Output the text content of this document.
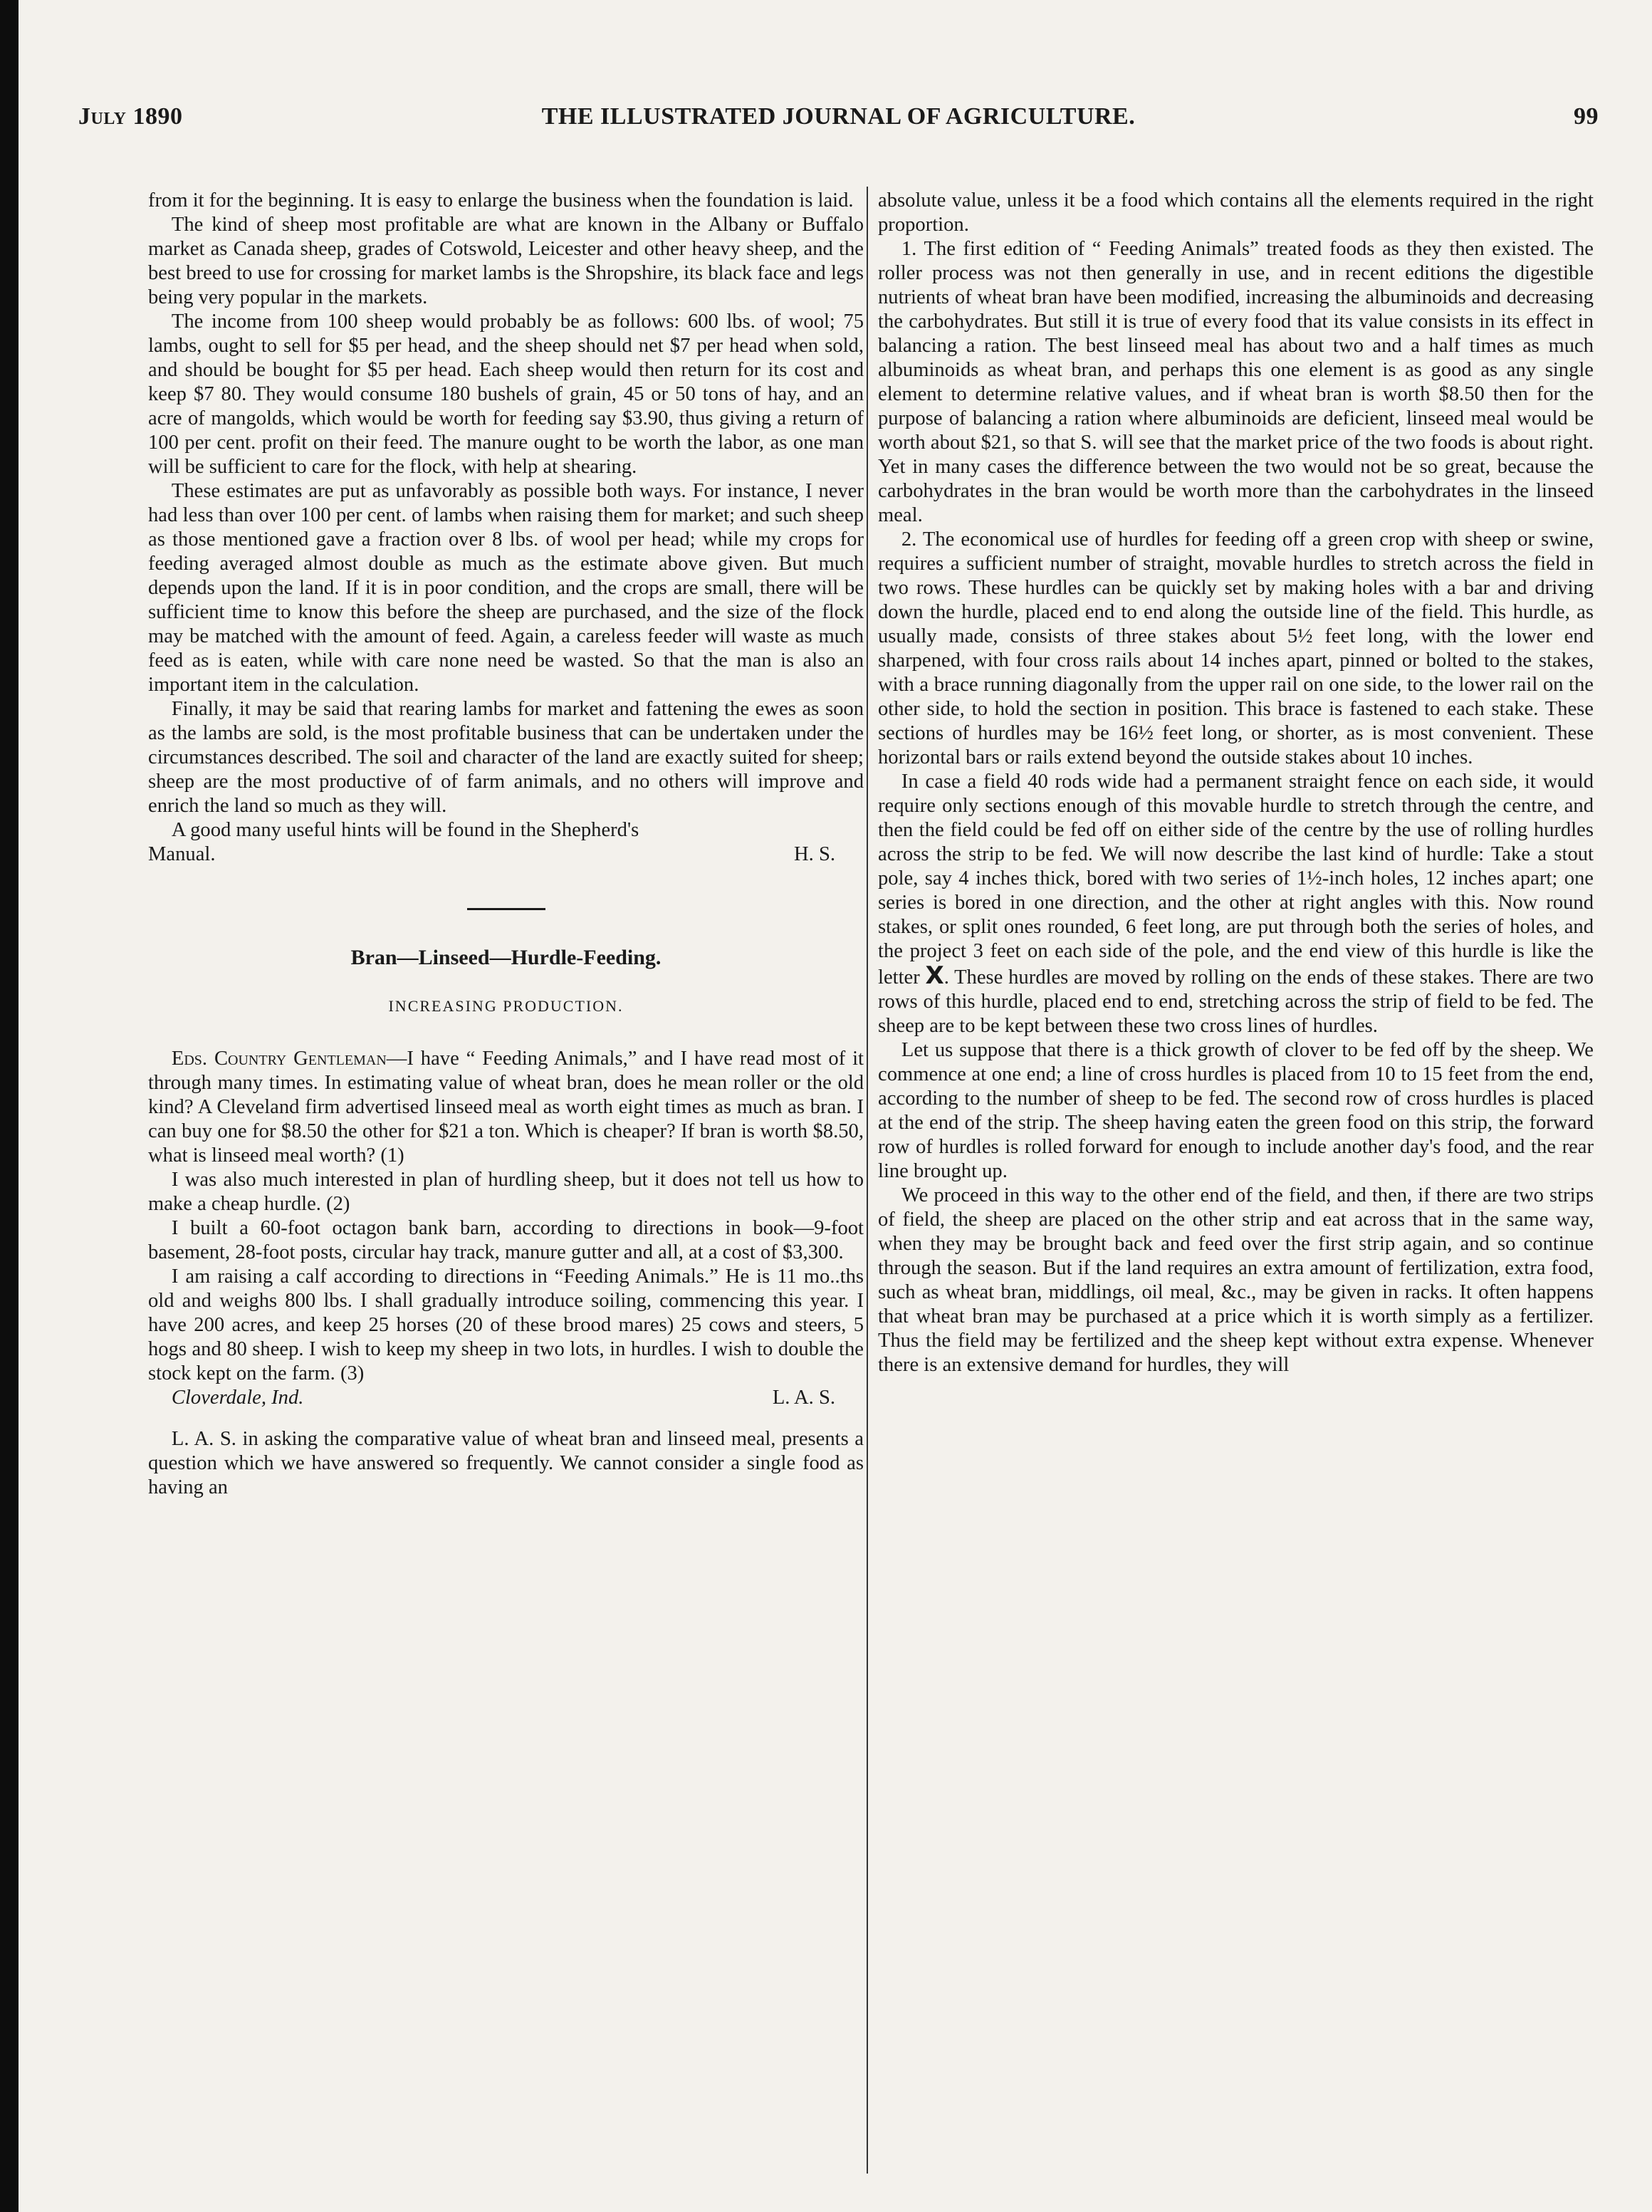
July 1890	THE ILLUSTRATED JOURNAL OF AGRICULTURE.	99

from it for the beginning. It is easy to enlarge the business when the foundation is laid.

The kind of sheep most profitable are what are known in the Albany or Buffalo market as Canada sheep, grades of Cotswold, Leicester and other heavy sheep, and the best breed to use for crossing for market lambs is the Shropshire, its black face and legs being very popular in the markets.

The income from 100 sheep would probably be as follows: 600 lbs. of wool; 75 lambs, ought to sell for $5 per head, and the sheep should net $7 per head when sold, and should be bought for $5 per head. Each sheep would then return for its cost and keep $7 80. They would consume 180 bushels of grain, 45 or 50 tons of hay, and an acre of mangolds, which would be worth for feeding say $3.90, thus giving a return of 100 per cent. profit on their feed. The manure ought to be worth the labor, as one man will be sufficient to care for the flock, with help at shearing.

These estimates are put as unfavorably as possible both ways. For instance, I never had less than over 100 per cent. of lambs when raising them for market; and such sheep as those mentioned gave a fraction over 8 lbs. of wool per head; while my crops for feeding averaged almost double as much as the estimate above given. But much depends upon the land. If it is in poor condition, and the crops are small, there will be sufficient time to know this before the sheep are purchased, and the size of the flock may be matched with the amount of feed. Again, a careless feeder will waste as much feed as is eaten, while with care none need be wasted. So that the man is also an important item in the calculation.

Finally, it may be said that rearing lambs for market and fattening the ewes as soon as the lambs are sold, is the most profitable business that can be undertaken under the circumstances described. The soil and character of the land are exactly suited for sheep; sheep are the most productive of of farm animals, and no others will improve and enrich the land so much as they will.

A good many useful hints will be found in the Shepherd's

Manual.	H. S.
Bran—Linseed—Hurdle-Feeding.
INCREASING PRODUCTION.

Eds. Country Gentleman—I have “ Feeding Animals,” and I have read most of it through many times. In estimating value of wheat bran, does he mean roller or the old kind? A Cleveland firm advertised linseed meal as worth eight times as much as bran. I can buy one for $8.50 the other for $21 a ton. Which is cheaper? If bran is worth $8.50, what is linseed meal worth? (1)

I was also much interested in plan of hurdling sheep, but it does not tell us how to make a cheap hurdle. (2)

I built a 60-foot octagon bank barn, according to directions in book—9-foot basement, 28-foot posts, circular hay track, manure gutter and all, at a cost of $3,300.

I am raising a calf according to directions in “Feeding Animals.” He is 11 mo..ths old and weighs 800 lbs. I shall gradually introduce soiling, commencing this year. I have 200 acres, and keep 25 horses (20 of these brood mares) 25 cows and steers, 5 hogs and 80 sheep. I wish to keep my sheep in two lots, in hurdles. I wish to double the stock kept on the farm. (3)

Cloverdale, Ind.	L. A. S.

L. A. S. in asking the comparative value of wheat bran and linseed meal, presents a question which we have answered so frequently. We cannot consider a single food as having an

absolute value, unless it be a food which contains all the elements required in the right proportion.

1. The first edition of “ Feeding Animals” treated foods as they then existed. The roller process was not then generally in use, and in recent editions the digestible nutrients of wheat bran have been modified, increasing the albuminoids and decreasing the carbohydrates. But still it is true of every food that its value consists in its effect in balancing a ration. The best linseed meal has about two and a half times as much albuminoids as wheat bran, and perhaps this one element is as good as any single element to determine relative values, and if wheat bran is worth $8.50 then for the purpose of balancing a ration where albuminoids are deficient, linseed meal would be worth about $21, so that S. will see that the market price of the two foods is about right. Yet in many cases the difference between the two would not be so great, because the carbohydrates in the bran would be worth more than the carbohydrates in the linseed meal.

2. The economical use of hurdles for feeding off a green crop with sheep or swine, requires a sufficient number of straight, movable hurdles to stretch across the field in two rows. These hurdles can be quickly set by making holes with a bar and driving down the hurdle, placed end to end along the outside line of the field. This hurdle, as usually made, consists of three stakes about 5½ feet long, with the lower end sharpened, with four cross rails about 14 inches apart, pinned or bolted to the stakes, with a brace running diagonally from the upper rail on one side, to the lower rail on the other side, to hold the section in position. This brace is fastened to each stake. These sections of hurdles may be 16½ feet long, or shorter, as is most convenient. These horizontal bars or rails extend beyond the outside stakes about 10 inches.

In case a field 40 rods wide had a permanent straight fence on each side, it would require only sections enough of this movable hurdle to stretch through the centre, and then the field could be fed off on either side of the centre by the use of rolling hurdles across the strip to be fed. We will now describe the last kind of hurdle: Take a stout pole, say 4 inches thick, bored with two series of 1½-inch holes, 12 inches apart; one series is bored in one direction, and the other at right angles with this. Now round stakes, or split ones rounded, 6 feet long, are put through both the series of holes, and the project 3 feet on each side of the pole, and the end view of this hurdle is like the letter X. These hurdles are moved by rolling on the ends of these stakes. There are two rows of this hurdle, placed end to end, stretching across the strip of field to be fed. The sheep are to be kept between these two cross lines of hurdles.

Let us suppose that there is a thick growth of clover to be fed off by the sheep. We commence at one end; a line of cross hurdles is placed from 10 to 15 feet from the end, according to the number of sheep to be fed. The second row of cross hurdles is placed at the end of the strip. The sheep having eaten the green food on this strip, the forward row of hurdles is rolled forward for enough to include another day's food, and the rear line brought up.

We proceed in this way to the other end of the field, and then, if there are two strips of field, the sheep are placed on the other strip and eat across that in the same way, when they may be brought back and feed over the first strip again, and so continue through the season. But if the land requires an extra amount of fertilization, extra food, such as wheat bran, middlings, oil meal, &c., may be given in racks. It often happens that wheat bran may be purchased at a price which it is worth simply as a fertilizer. Thus the field may be fertilized and the sheep kept without extra expense. Whenever there is an extensive demand for hurdles, they will
